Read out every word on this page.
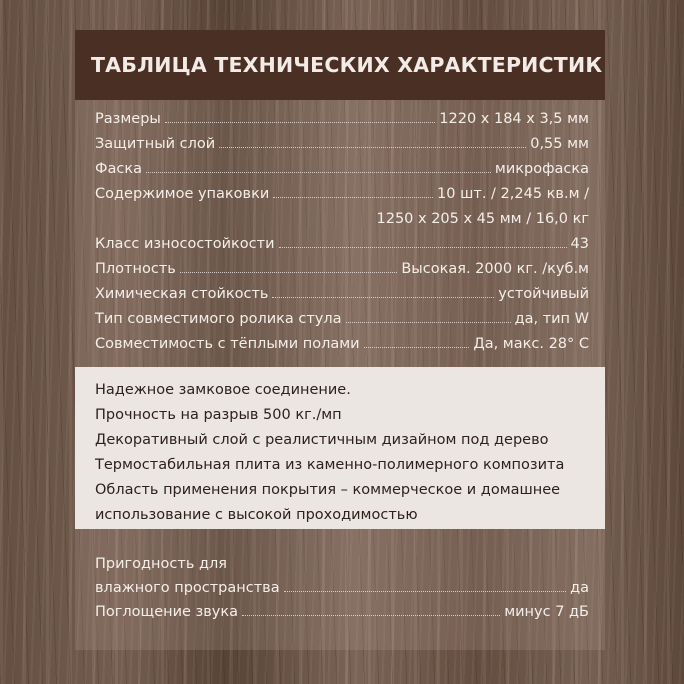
ТАБЛИЦА ТЕХНИЧЕСКИХ ХАРАКТЕРИСТИК
Размеры	1220 x 184 x 3,5 мм
Защитный слой	0,55 мм
Фаска	микрофаска
Содержимое упаковки	10 шт. / 2,245 кв.м /
1250 x 205 x 45 мм / 16,0 кг
Класс износостойкости	43
Плотность	Высокая. 2000 кг. /куб.м
Химическая стойкость	устойчивый
Тип совместимого ролика стула	да, тип W
Совместимость с тёплыми полами	Да, макс. 28° С
Надежное замковое соединение.
Прочность на разрыв 500 кг./мп
Декоративный слой с реалистичным дизайном под дерево
Термостабильная плита из каменно-полимерного композита
Область применения покрытия – коммерческое и домашнее
использование с высокой проходимостью
Пригодность для
влажного пространства	да
Поглощение звука	минус 7 дБ
